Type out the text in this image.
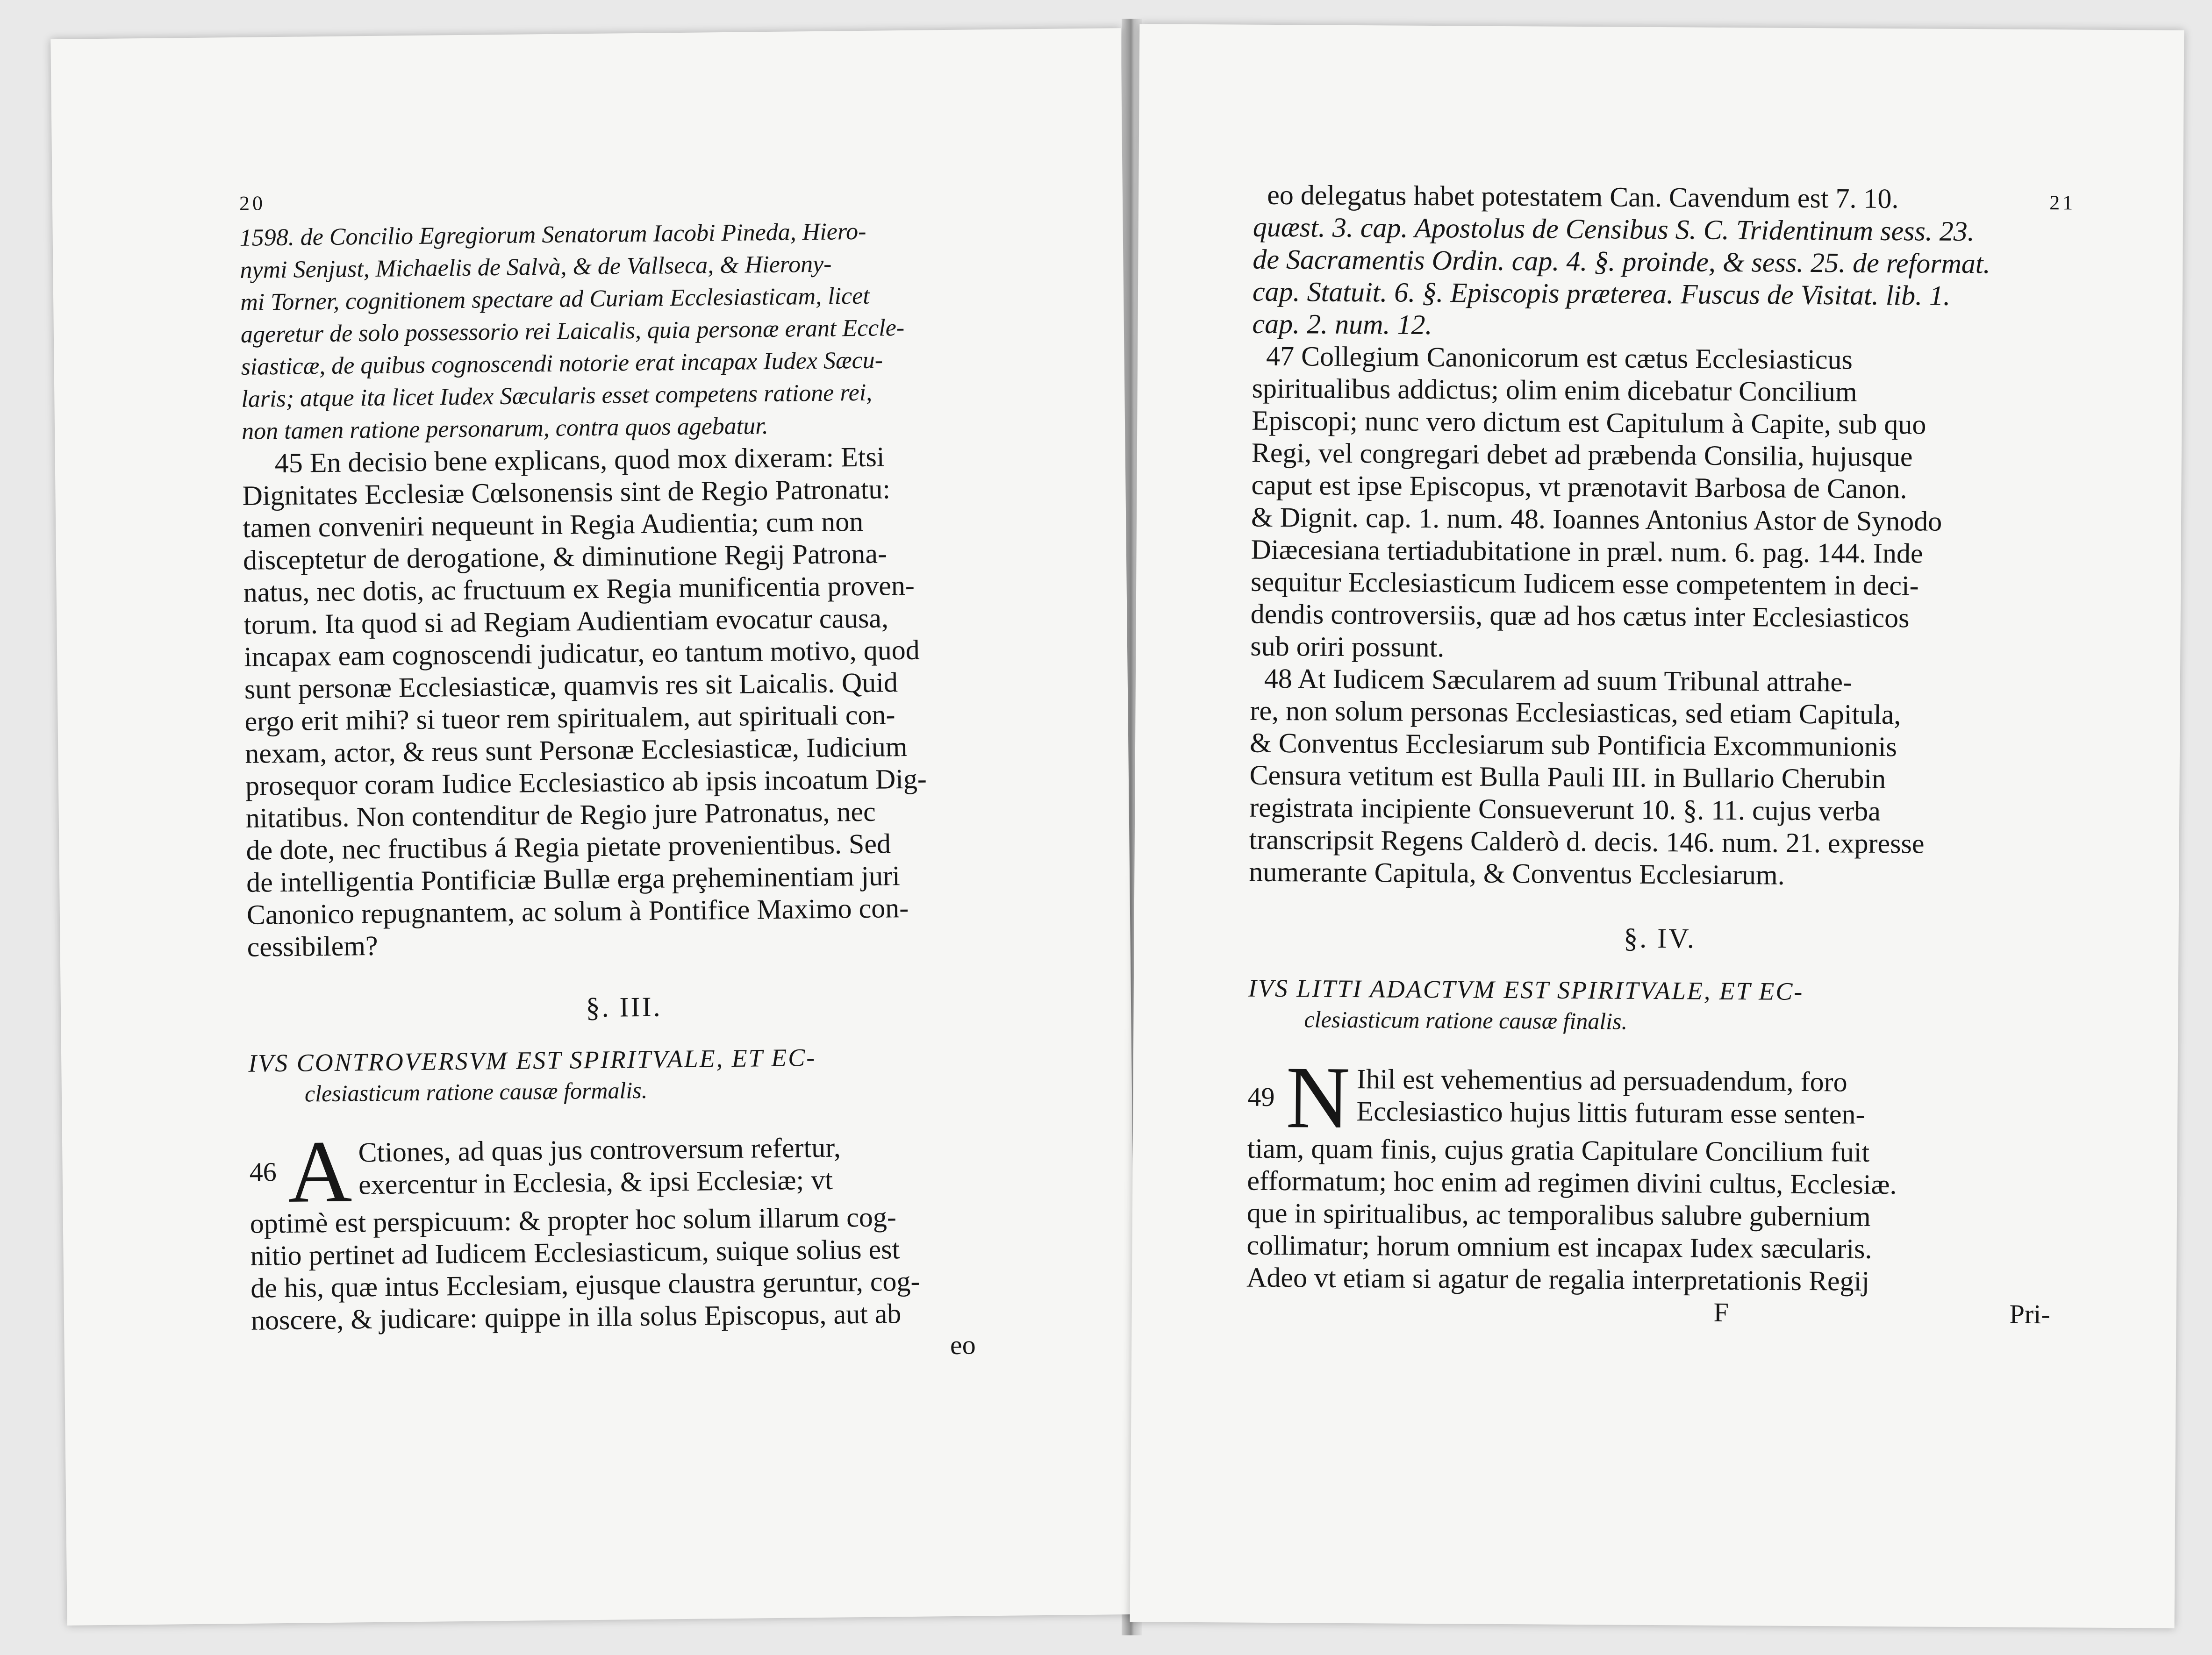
20
1598. de Concilio Egregiorum Senatorum Iacobi Pineda, Hiero-
nymi Senjust, Michaelis de Salvà, & de Vallseca, & Hierony-
mi Torner, cognitionem spectare ad Curiam Ecclesiasticam, licet
ageretur de solo possessorio rei Laicalis, quia personæ erant Eccle-
siasticæ, de quibus cognoscendi notorie erat incapax Iudex Sæcu-
laris; atque ita licet Iudex Sæcularis esset competens ratione rei,
non tamen ratione personarum, contra quos agebatur.
45 En decisio bene explicans, quod mox dixeram: Etsi
Dignitates Ecclesiæ Cœlsonensis sint de Regio Patronatu:
tamen conveniri nequeunt in Regia Audientia; cum non
disceptetur de derogatione, & diminutione Regij Patrona-
natus, nec dotis, ac fructuum ex Regia munificentia proven-
torum. Ita quod si ad Regiam Audientiam evocatur causa,
incapax eam cognoscendi judicatur, eo tantum motivo, quod
sunt personæ Ecclesiasticæ, quamvis res sit Laicalis. Quid
ergo erit mihi? si tueor rem spiritualem, aut spirituali con-
nexam, actor, & reus sunt Personæ Ecclesiasticæ, Iudicium
prosequor coram Iudice Ecclesiastico ab ipsis incoatum Dig-
nitatibus. Non contenditur de Regio jure Patronatus, nec
de dote, nec fructibus á Regia pietate provenientibus. Sed
de intelligentia Pontificiæ Bullæ erga prȩheminentiam juri
Canonico repugnantem, ac solum à Pontifice Maximo con-
cessibilem?
§. III.
IVS CONTROVERSVM EST SPIRITVALE, ET EC-
clesiasticum ratione causæ formalis.
46 A Ctiones, ad quas jus controversum refertur,
exercentur in Ecclesia, & ipsi Ecclesiæ; vt
optimè est perspicuum: & propter hoc solum illarum cog-
nitio pertinet ad Iudicem Ecclesiasticum, suique solius est
de his, quæ intus Ecclesiam, ejusque claustra geruntur, cog-
noscere, & judicare: quippe in illa solus Episcopus, aut ab
eo
21
eo delegatus habet potestatem Can. Cavendum est 7. 10.
quæst. 3. cap. Apostolus de Censibus S. C. Tridentinum sess. 23.
de Sacramentis Ordin. cap. 4. §. proinde, & sess. 25. de reformat.
cap. Statuit. 6. §. Episcopis præterea. Fuscus de Visitat. lib. 1.
cap. 2. num. 12.
47 Collegium Canonicorum est cætus Ecclesiasticus
spiritualibus addictus; olim enim dicebatur Concilium
Episcopi; nunc vero dictum est Capitulum à Capite, sub quo
Regi, vel congregari debet ad præbenda Consilia, hujusque
caput est ipse Episcopus, vt prænotavit Barbosa de Canon.
& Dignit. cap. 1. num. 48. Ioannes Antonius Astor de Synodo
Diæcesiana tertiadubitatione in præl. num. 6. pag. 144. Inde
sequitur Ecclesiasticum Iudicem esse competentem in deci-
dendis controversiis, quæ ad hos cætus inter Ecclesiasticos
sub oriri possunt.
48 At Iudicem Sæcularem ad suum Tribunal attrahe-
re, non solum personas Ecclesiasticas, sed etiam Capitula,
& Conventus Ecclesiarum sub Pontificia Excommunionis
Censura vetitum est Bulla Pauli III. in Bullario Cherubin
registrata incipiente Consueverunt 10. §. 11. cujus verba
transcripsit Regens Calderò d. decis. 146. num. 21. expresse
numerante Capitula, & Conventus Ecclesiarum.
§. IV.
IVS LITTI ADACTVM EST SPIRITVALE, ET EC-
clesiasticum ratione causæ finalis.
49 N Ihil est vehementius ad persuadendum, foro
Ecclesiastico hujus littis futuram esse senten-
tiam, quam finis, cujus gratia Capitulare Concilium fuit
efformatum; hoc enim ad regimen divini cultus, Ecclesiæ.
que in spiritualibus, ac temporalibus salubre gubernium
collimatur; horum omnium est incapax Iudex sæcularis.
Adeo vt etiam si agatur de regalia interpretationis Regij
F	Pri-
